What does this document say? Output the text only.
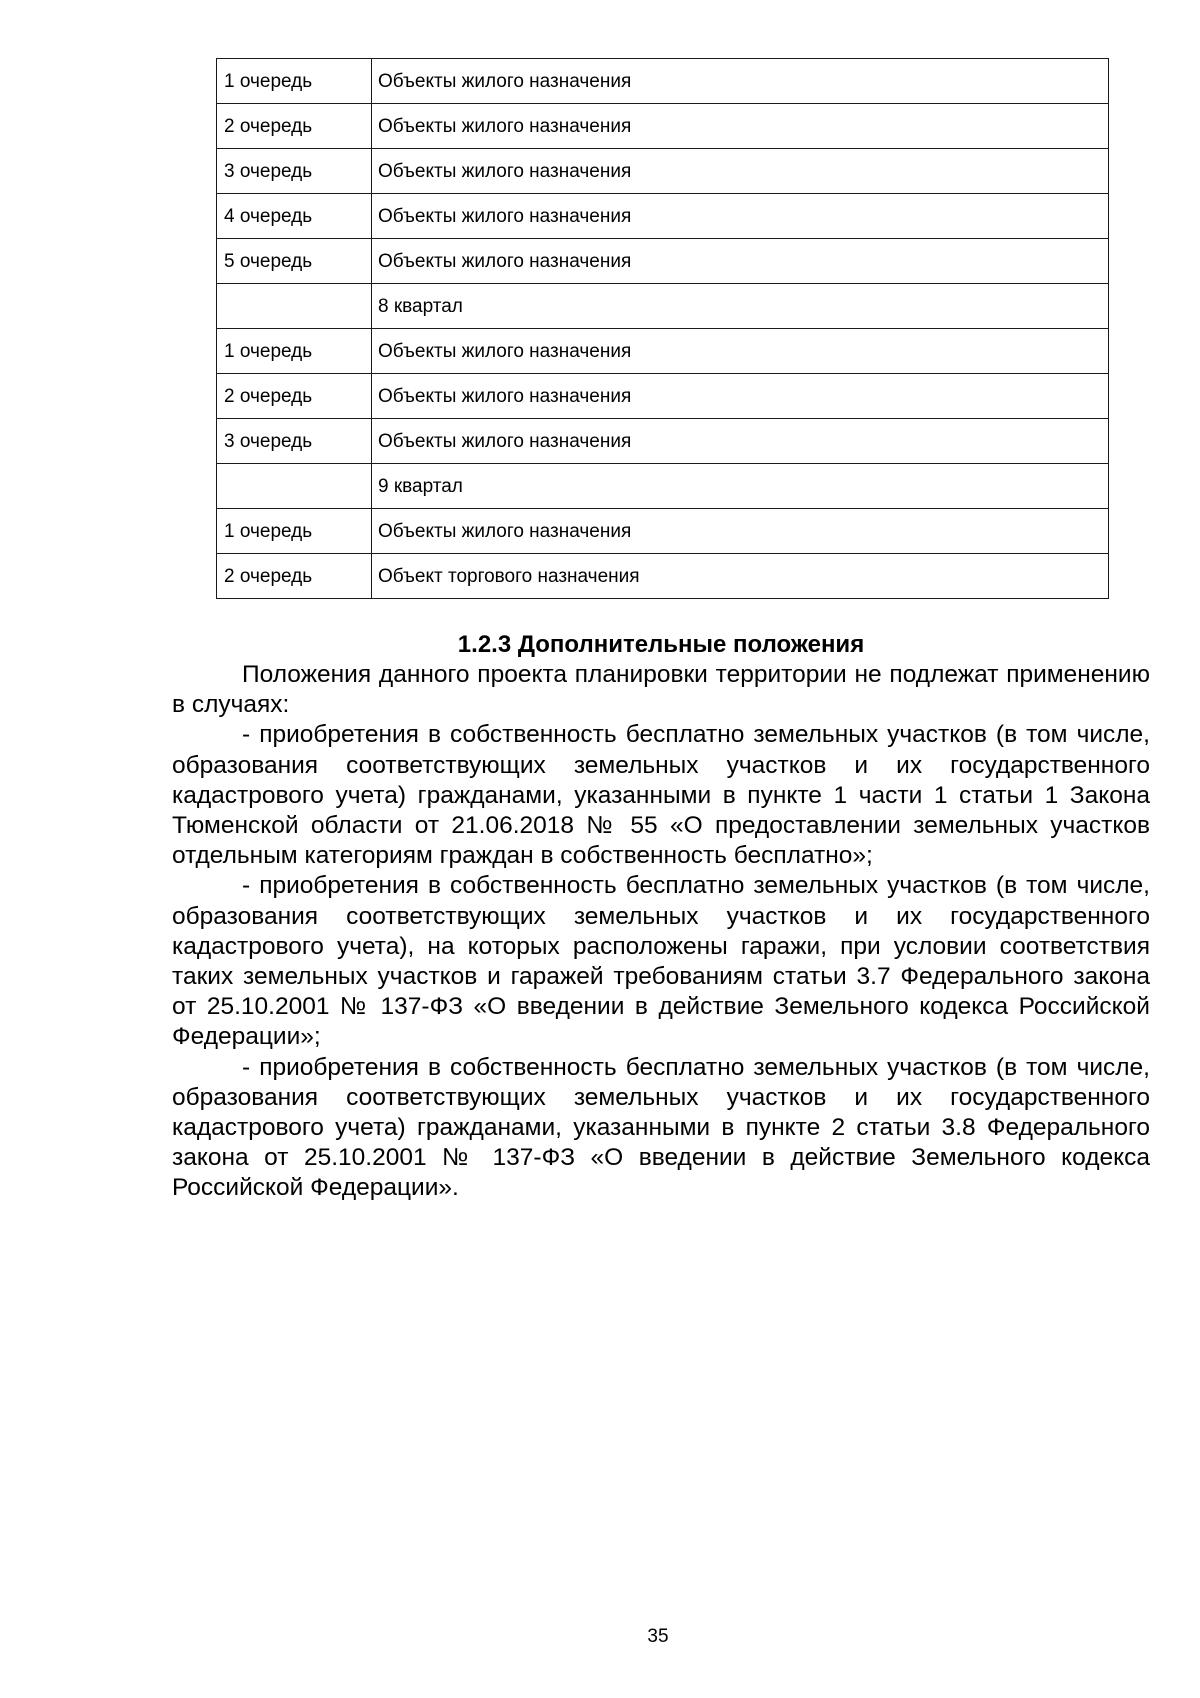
1 очередь	Объекты жилого назначения
2 очередь	Объекты жилого назначения
3 очередь	Объекты жилого назначения
4 очередь	Объекты жилого назначения
5 очередь	Объекты жилого назначения
	8 квартал
1 очередь	Объекты жилого назначения
2 очередь	Объекты жилого назначения
3 очередь	Объекты жилого назначения
	9 квартал
1 очередь	Объекты жилого назначения
2 очередь	Объект торгового назначения
1.2.3 Дополнительные положения

Положения данного проекта планировки территории не подлежат применению в случаях:

- приобретения в собственность бесплатно земельных участков (в том числе, образования соответствующих земельных участков и их государственного кадастрового учета) гражданами, указанными в пункте 1 части 1 статьи 1 Закона Тюменской области от 21.06.2018 № 55 «О предоставлении земельных участков отдельным категориям граждан в собственность бесплатно»;

- приобретения в собственность бесплатно земельных участков (в том числе, образования соответствующих земельных участков и их государственного кадастрового учета), на которых расположены гаражи, при условии соответствия таких земельных участков и гаражей требованиям статьи 3.7 Федерального закона от 25.10.2001 № 137-ФЗ «О введении в действие Земельного кодекса Российской Федерации»;

- приобретения в собственность бесплатно земельных участков (в том числе, образования соответствующих земельных участков и их государственного кадастрового учета) гражданами, указанными в пункте 2 статьи 3.8 Федерального закона от 25.10.2001 № 137-ФЗ «О введении в действие Земельного кодекса Российской Федерации».

35
